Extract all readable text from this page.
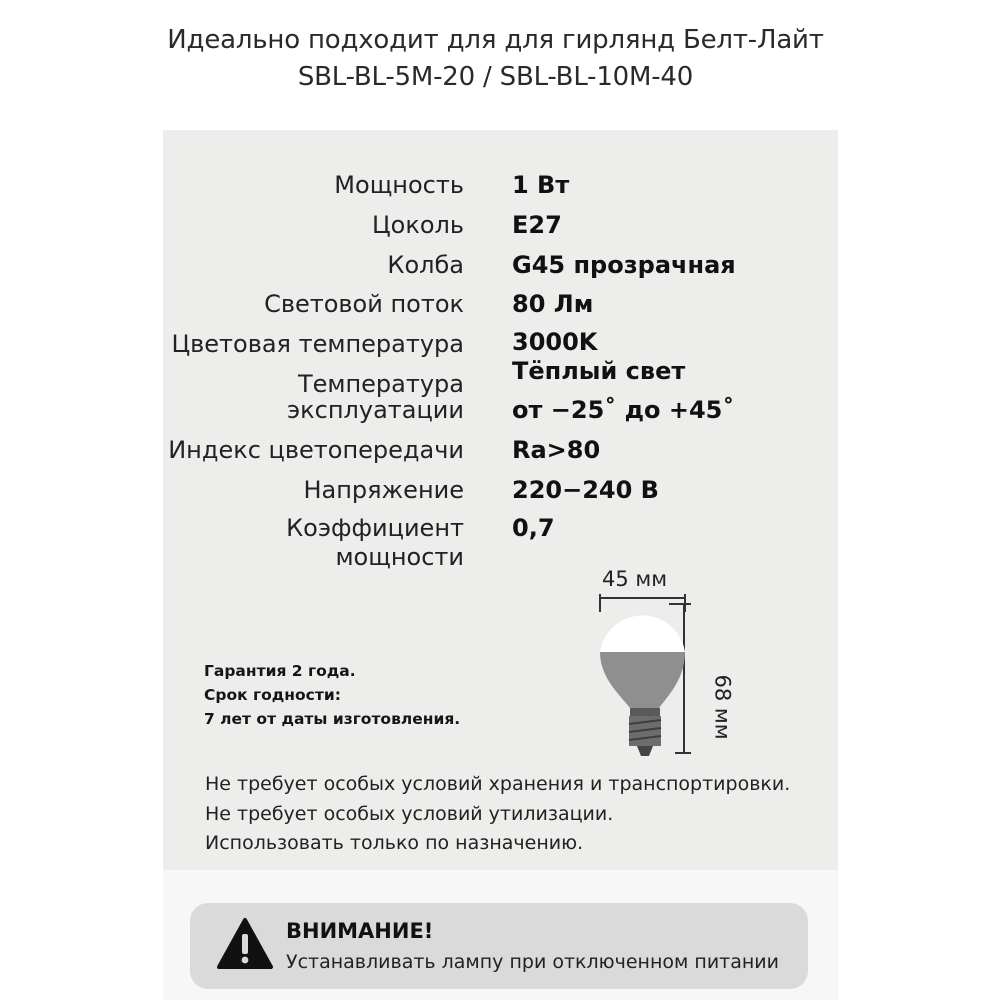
Идеально подходит для для гирлянд Белт-Лайт
SBL-BL-5M-20 / SBL-BL-10M-40
Мощность 1 Вт
Цоколь E27
Колба G45 прозрачная
Световой поток 80 Лм
Цветовая температура 3000K
Тёплый свет
Температура
эксплуатации от −25˚ до +45˚
Индекс цветопередачи Ra>80
Напряжение 220−240 В
Коэффициент
мощности
0,7
Гарантия 2 года.
Срок годности:
7 лет от даты изготовления.
45 мм
68 мм
Не требует особых условий хранения и транспортировки.
Не требует особых условий утилизации.
Использовать только по назначению.
ВНИМАНИЕ!
Устанавливать лампу при отключенном питании
